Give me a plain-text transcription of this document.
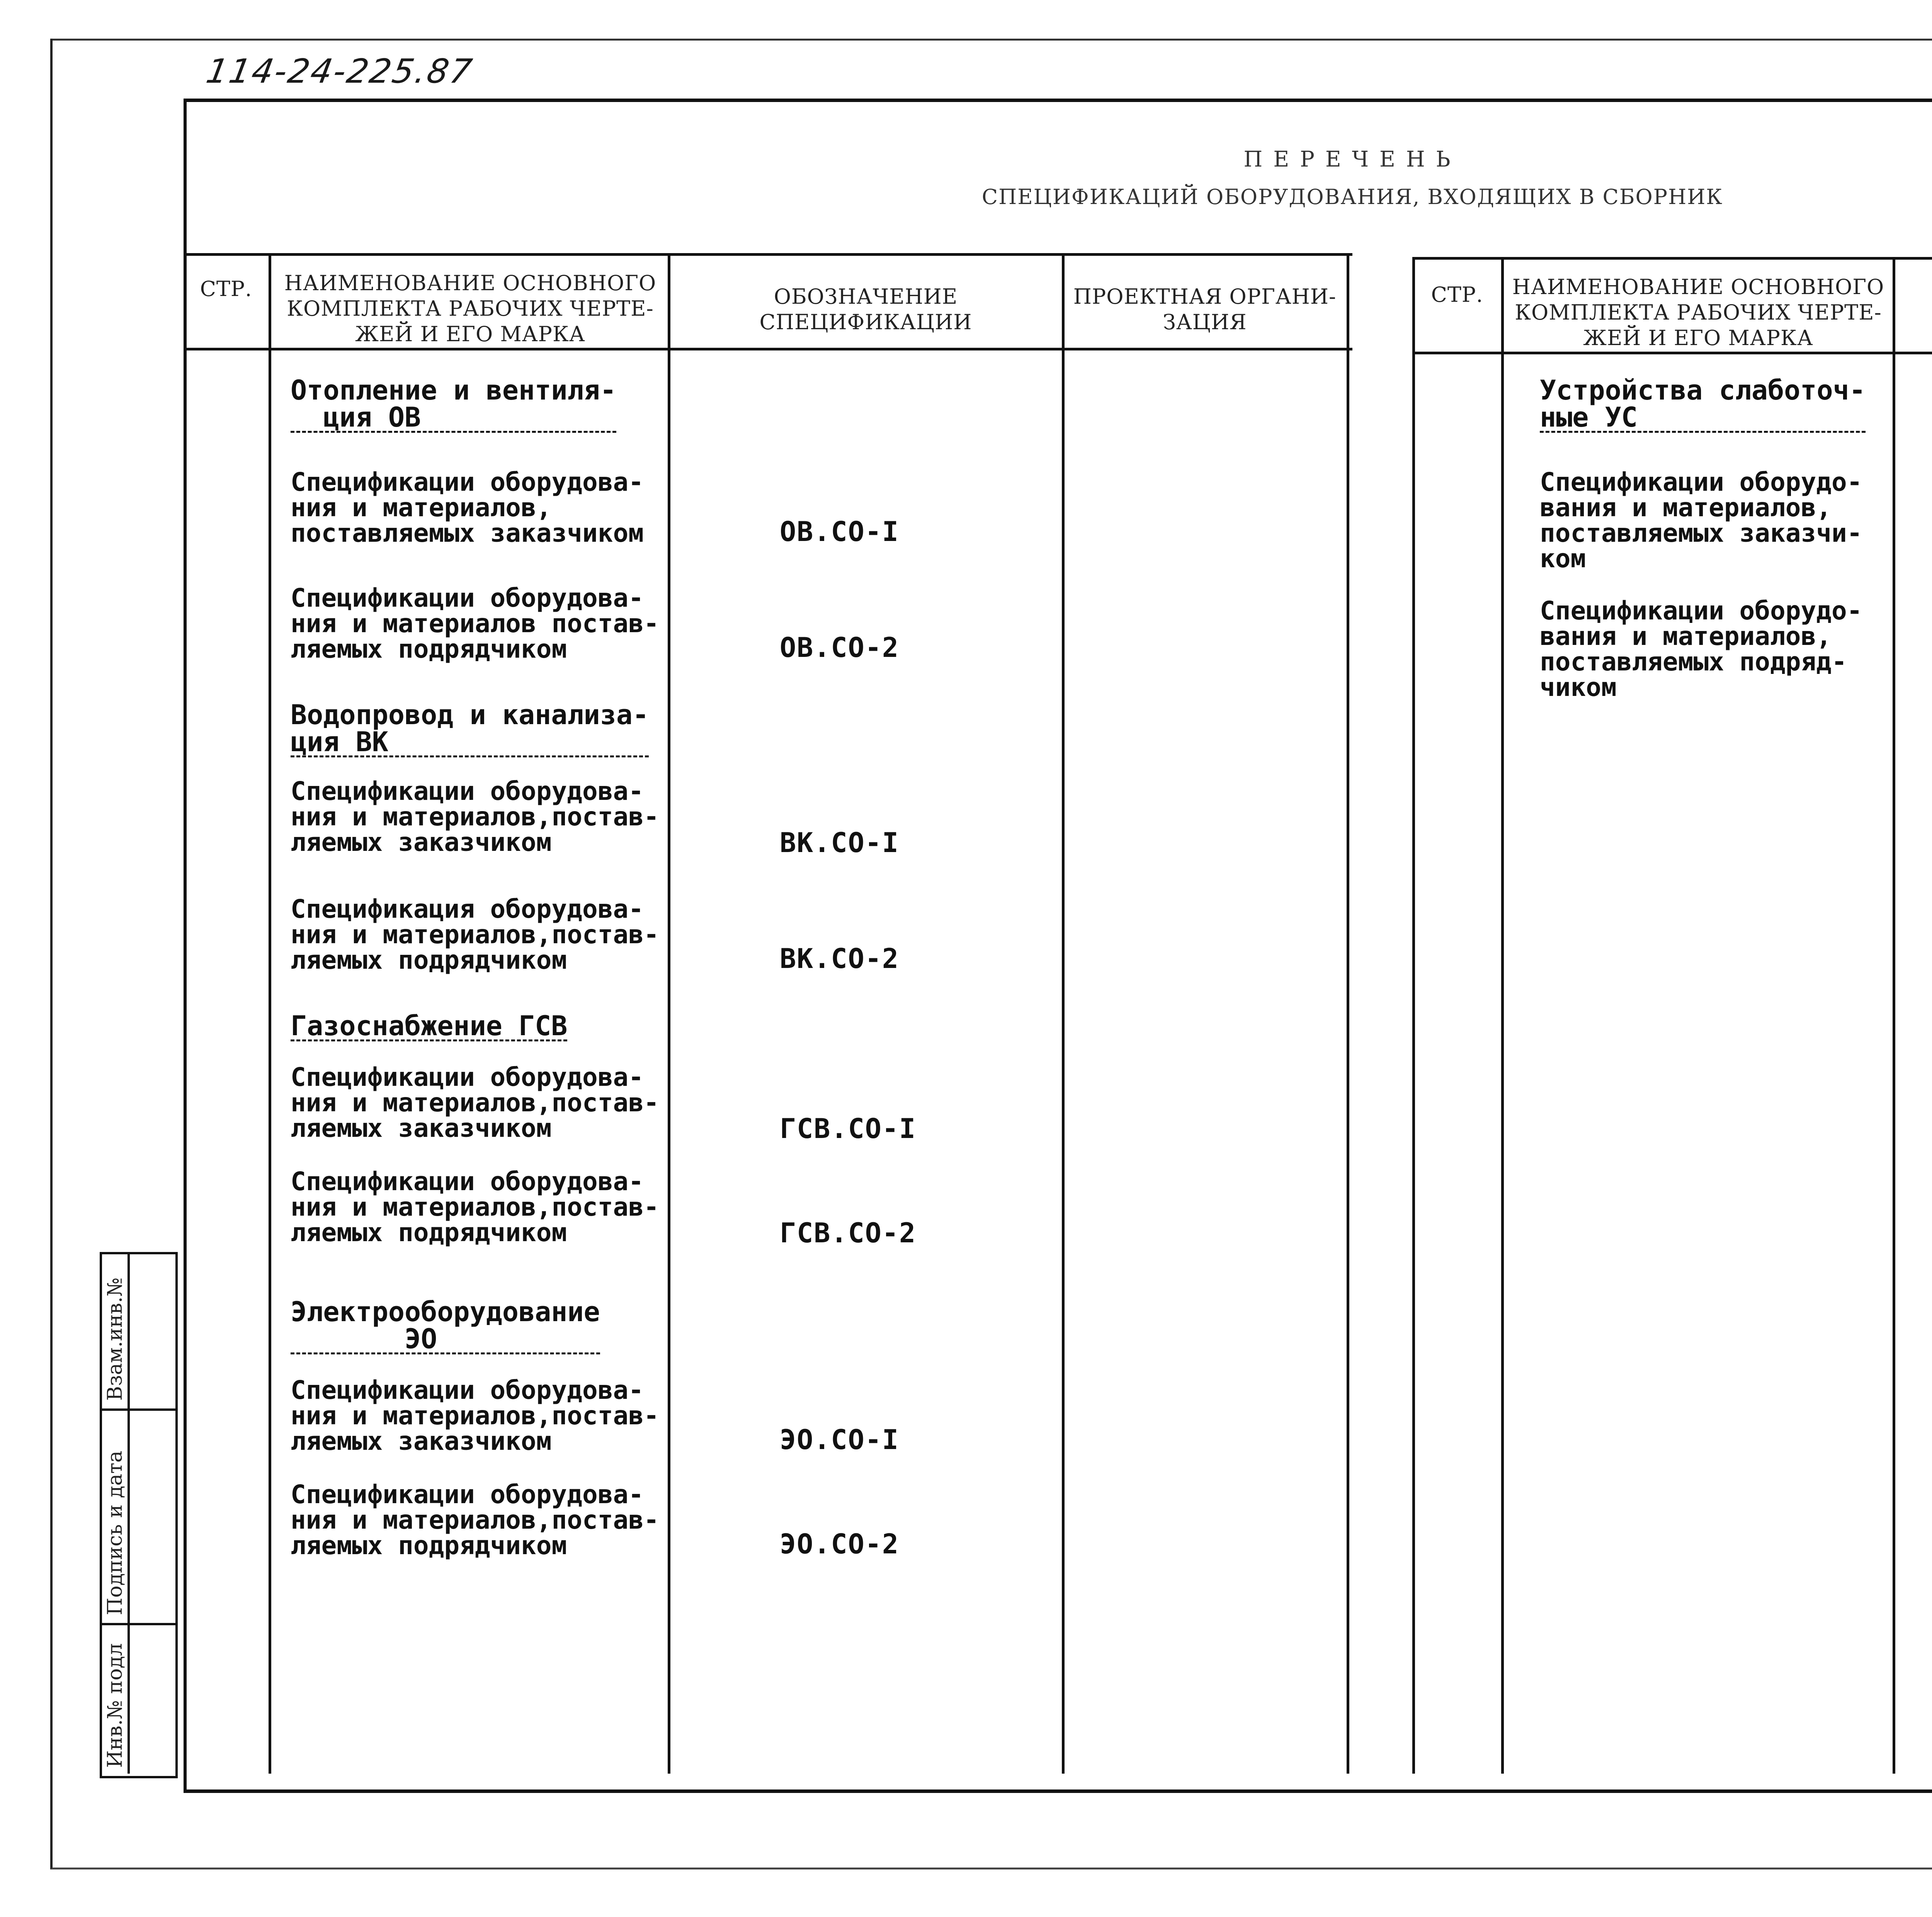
114-24-225.87
ПЕРЕЧЕНЬ
СПЕЦИФИКАЦИЙ ОБОРУДОВАНИЯ, ВХОДЯЩИХ В СБОРНИК
СТР.	НАИМЕНОВАНИЕ ОСНОВНОГО КОМПЛЕКТА РАБОЧИХ ЧЕРТЕ- ЖЕЙ И ЕГО МАРКА
ОБОЗНАЧЕНИЕ СПЕЦИФИКАЦИИ
ПРОЕКТНАЯ ОРГАНИ- ЗАЦИЯ
Отопление и вентиля-
ция ОВ
Спецификации оборудова-
ния и материалов,
поставляемых заказчиком	ОВ.СО-I
Спецификации оборудова-
ния и материалов постав-
ляемых подрядчиком	ОВ.СО-2
Водопровод и канализа-
ция ВК
Спецификации оборудова-
ния и материалов,постав-
ляемых заказчиком	ВК.СО-I
Спецификация оборудова-
ния и материалов,постав-
ляемых подрядчиком	ВК.СО-2
Газоснабжение ГСВ
Спецификации оборудова-
ния и материалов,постав-
ляемых заказчиком	ГСВ.СО-I
Спецификации оборудова-
ния и материалов,постав-
ляемых подрядчиком	ГСВ.СО-2
Электрооборудование
ЭО
Спецификации оборудова-
ния и материалов,постав-
ляемых заказчиком	ЭО.СО-I
Спецификации оборудова-
ния и материалов,постав-
ляемых подрядчиком	ЭО.СО-2
СТР.	НАИМЕНОВАНИЕ ОСНОВНОГО КОМПЛЕКТА РАБОЧИХ ЧЕРТЕ- ЖЕЙ И ЕГО МАРКА
Устройства слаботоч-
ные УС
Спецификации оборудо-
вания и материалов,
поставляемых заказчи-
ком
Спецификации оборудо-
вания и материалов,
поставляемых подряд-
чиком
Взам.инв.№
Подпись и дата
Инв.№ подл
